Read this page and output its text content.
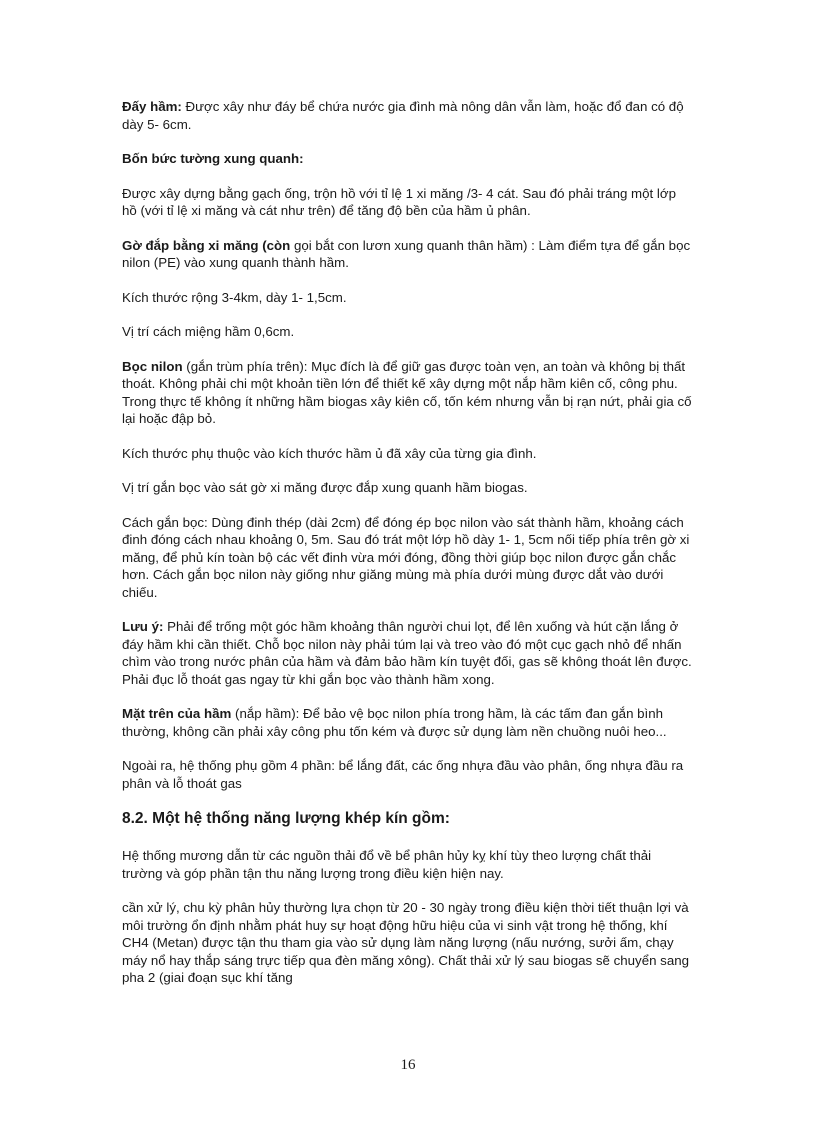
Đấy hầm: Được xây như đáy bể chứa nước gia đình mà nông dân vẫn làm, hoặc đổ đan có độ dày 5- 6cm.

Bốn bức tường xung quanh:

Được xây dựng bằng gạch ống, trộn hồ với tỉ lệ 1 xi măng /3- 4 cát. Sau đó phải tráng một lớp hồ (với tỉ lệ xi măng và cát như trên) để tăng độ bền của hầm ủ phân.

Gờ đắp bằng xi măng (còn gọi bắt con lươn xung quanh thân hầm) : Làm điểm tựa để gắn bọc nilon (PE) vào xung quanh thành hầm.

Kích thước rộng 3-4km, dày 1- 1,5cm.

Vị trí cách miệng hầm 0,6cm.

Bọc nilon (gắn trùm phía trên): Mục đích là để giữ gas được toàn vẹn, an toàn và không bị thất thoát. Không phải chi một khoản tiền lớn để thiết kế xây dựng một nắp hầm kiên cố, công phu. Trong thực tế không ít những hầm biogas xây kiên cố, tốn kém nhưng vẫn bị rạn nứt, phải gia cố lại hoặc đập bỏ.

Kích thước phụ thuộc vào kích thước hầm ủ đã xây của từng gia đình.

Vị trí gắn bọc vào sát gờ xi măng được đắp xung quanh hầm biogas.

Cách gắn bọc: Dùng đinh thép (dài 2cm) để đóng ép bọc nilon vào sát thành hầm, khoảng cách đinh đóng cách nhau khoảng 0, 5m. Sau đó trát một lớp hồ dày 1- 1, 5cm nối tiếp phía trên gờ xi măng, để phủ kín toàn bộ các vết đinh vừa mới đóng, đồng thời giúp bọc nilon được gắn chắc hơn. Cách gắn bọc nilon này giống như giăng mùng mà phía dưới mùng được dắt vào dưới chiếu.

Lưu ý: Phải để trống một góc hầm khoảng thân người chui lọt, để lên xuống và hút cặn lắng ở đáy hầm khi cần thiết. Chỗ bọc nilon này phải túm lại và treo vào đó một cục gạch nhỏ để nhấn chìm vào trong nước phân của hầm và đảm bảo hầm kín tuyệt đối, gas sẽ không thoát lên được. Phải đục lỗ thoát gas ngay từ khi gắn bọc vào thành hầm xong.

Mặt trên của hầm (nắp hầm): Để bảo vệ bọc nilon phía trong hầm, là các tấm đan gắn bình thường, không cần phải xây công phu tốn kém và được sử dụng làm nền chuồng nuôi heo...

Ngoài ra, hệ thống phụ gồm 4 phần: bể lắng đất, các ống nhựa đầu vào phân, ống nhựa đầu ra phân và lỗ thoát gas

8.2. Một hệ thống năng lượng khép kín gồm:

Hệ thống mương dẫn từ các nguồn thải đổ về bể phân hủy kỵ khí tùy theo lượng chất thải trường và góp phần tận thu năng lượng trong điều kiện hiện nay.

cần xử lý, chu kỳ phân hủy thường lựa chọn từ 20 - 30 ngày trong điều kiện thời tiết thuận lợi và môi trường ổn định nhằm phát huy sự hoạt động hữu hiệu của vi sinh vật trong hệ thống, khí CH4 (Metan) được tận thu tham gia vào sử dụng làm năng lượng (nấu nướng, sưởi ấm, chạy máy nổ hay thắp sáng trực tiếp qua đèn măng xông). Chất thải xử lý sau biogas sẽ chuyển sang pha 2 (giai đoạn sục khí tăng

16
